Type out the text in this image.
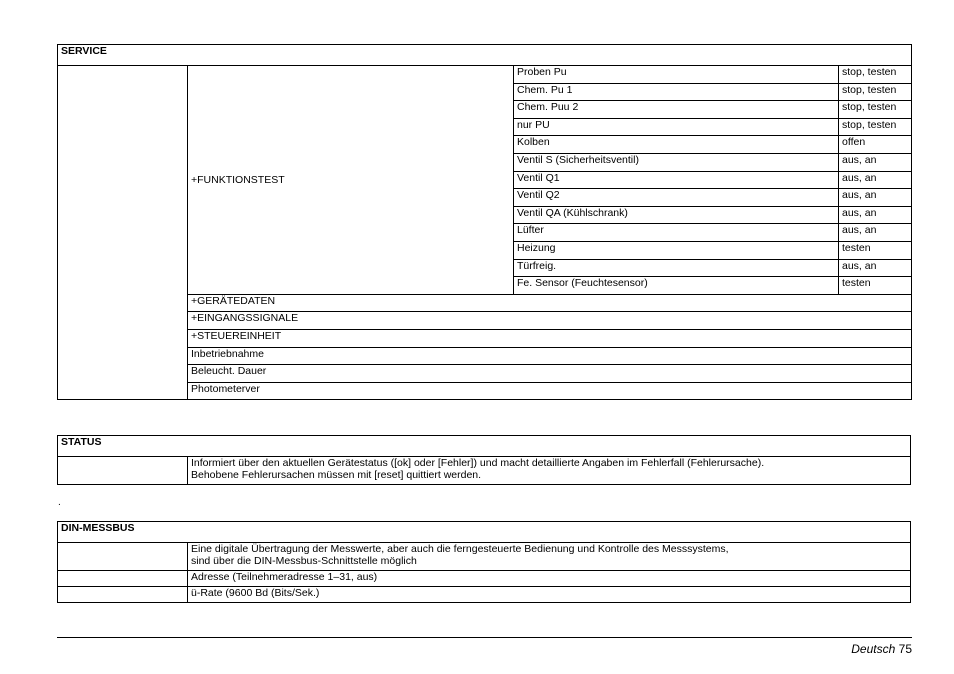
SERVICE			
	+FUNKTIONSTEST	Proben Pu	stop, testen
		Chem. Pu 1	stop, testen
		Chem. Puu 2	stop, testen
		nur PU	stop, testen
		Kolben	offen
		Ventil S (Sicherheitsventil)	aus, an
		Ventil Q1	aus, an
		Ventil Q2	aus, an
		Ventil QA (Kühlschrank)	aus, an
		Lüfter	aus, an
		Heizung	testen
		Türfreig.	aus, an
		Fe. Sensor (Feuchtesensor)	testen
	+GERÄTEDATEN		
	+EINGANGSSIGNALE		
	+STEUEREINHEIT		
	Inbetriebnahme		
	Beleucht. Dauer		
	Photometerver		
STATUS

Informiert über den aktuellen Gerätestatus ([ok] oder [Fehler]) und macht detaillierte Angaben im Fehlerfall (Fehlerursache).
Behobene Fehlerursachen müssen mit [reset] quittiert werden.
.
DIN-MESSBUS	

	Eine digitale Übertragung der Messwerte, aber auch die ferngesteuerte Bedienung und Kontrolle des Messsystems,
sind über die DIN-Messbus-Schnittstelle möglich

	Adresse (Teilnehmeradresse 1–31, aus)
	ü-Rate (9600 Bd (Bits/Sek.)
Deutsch 75
